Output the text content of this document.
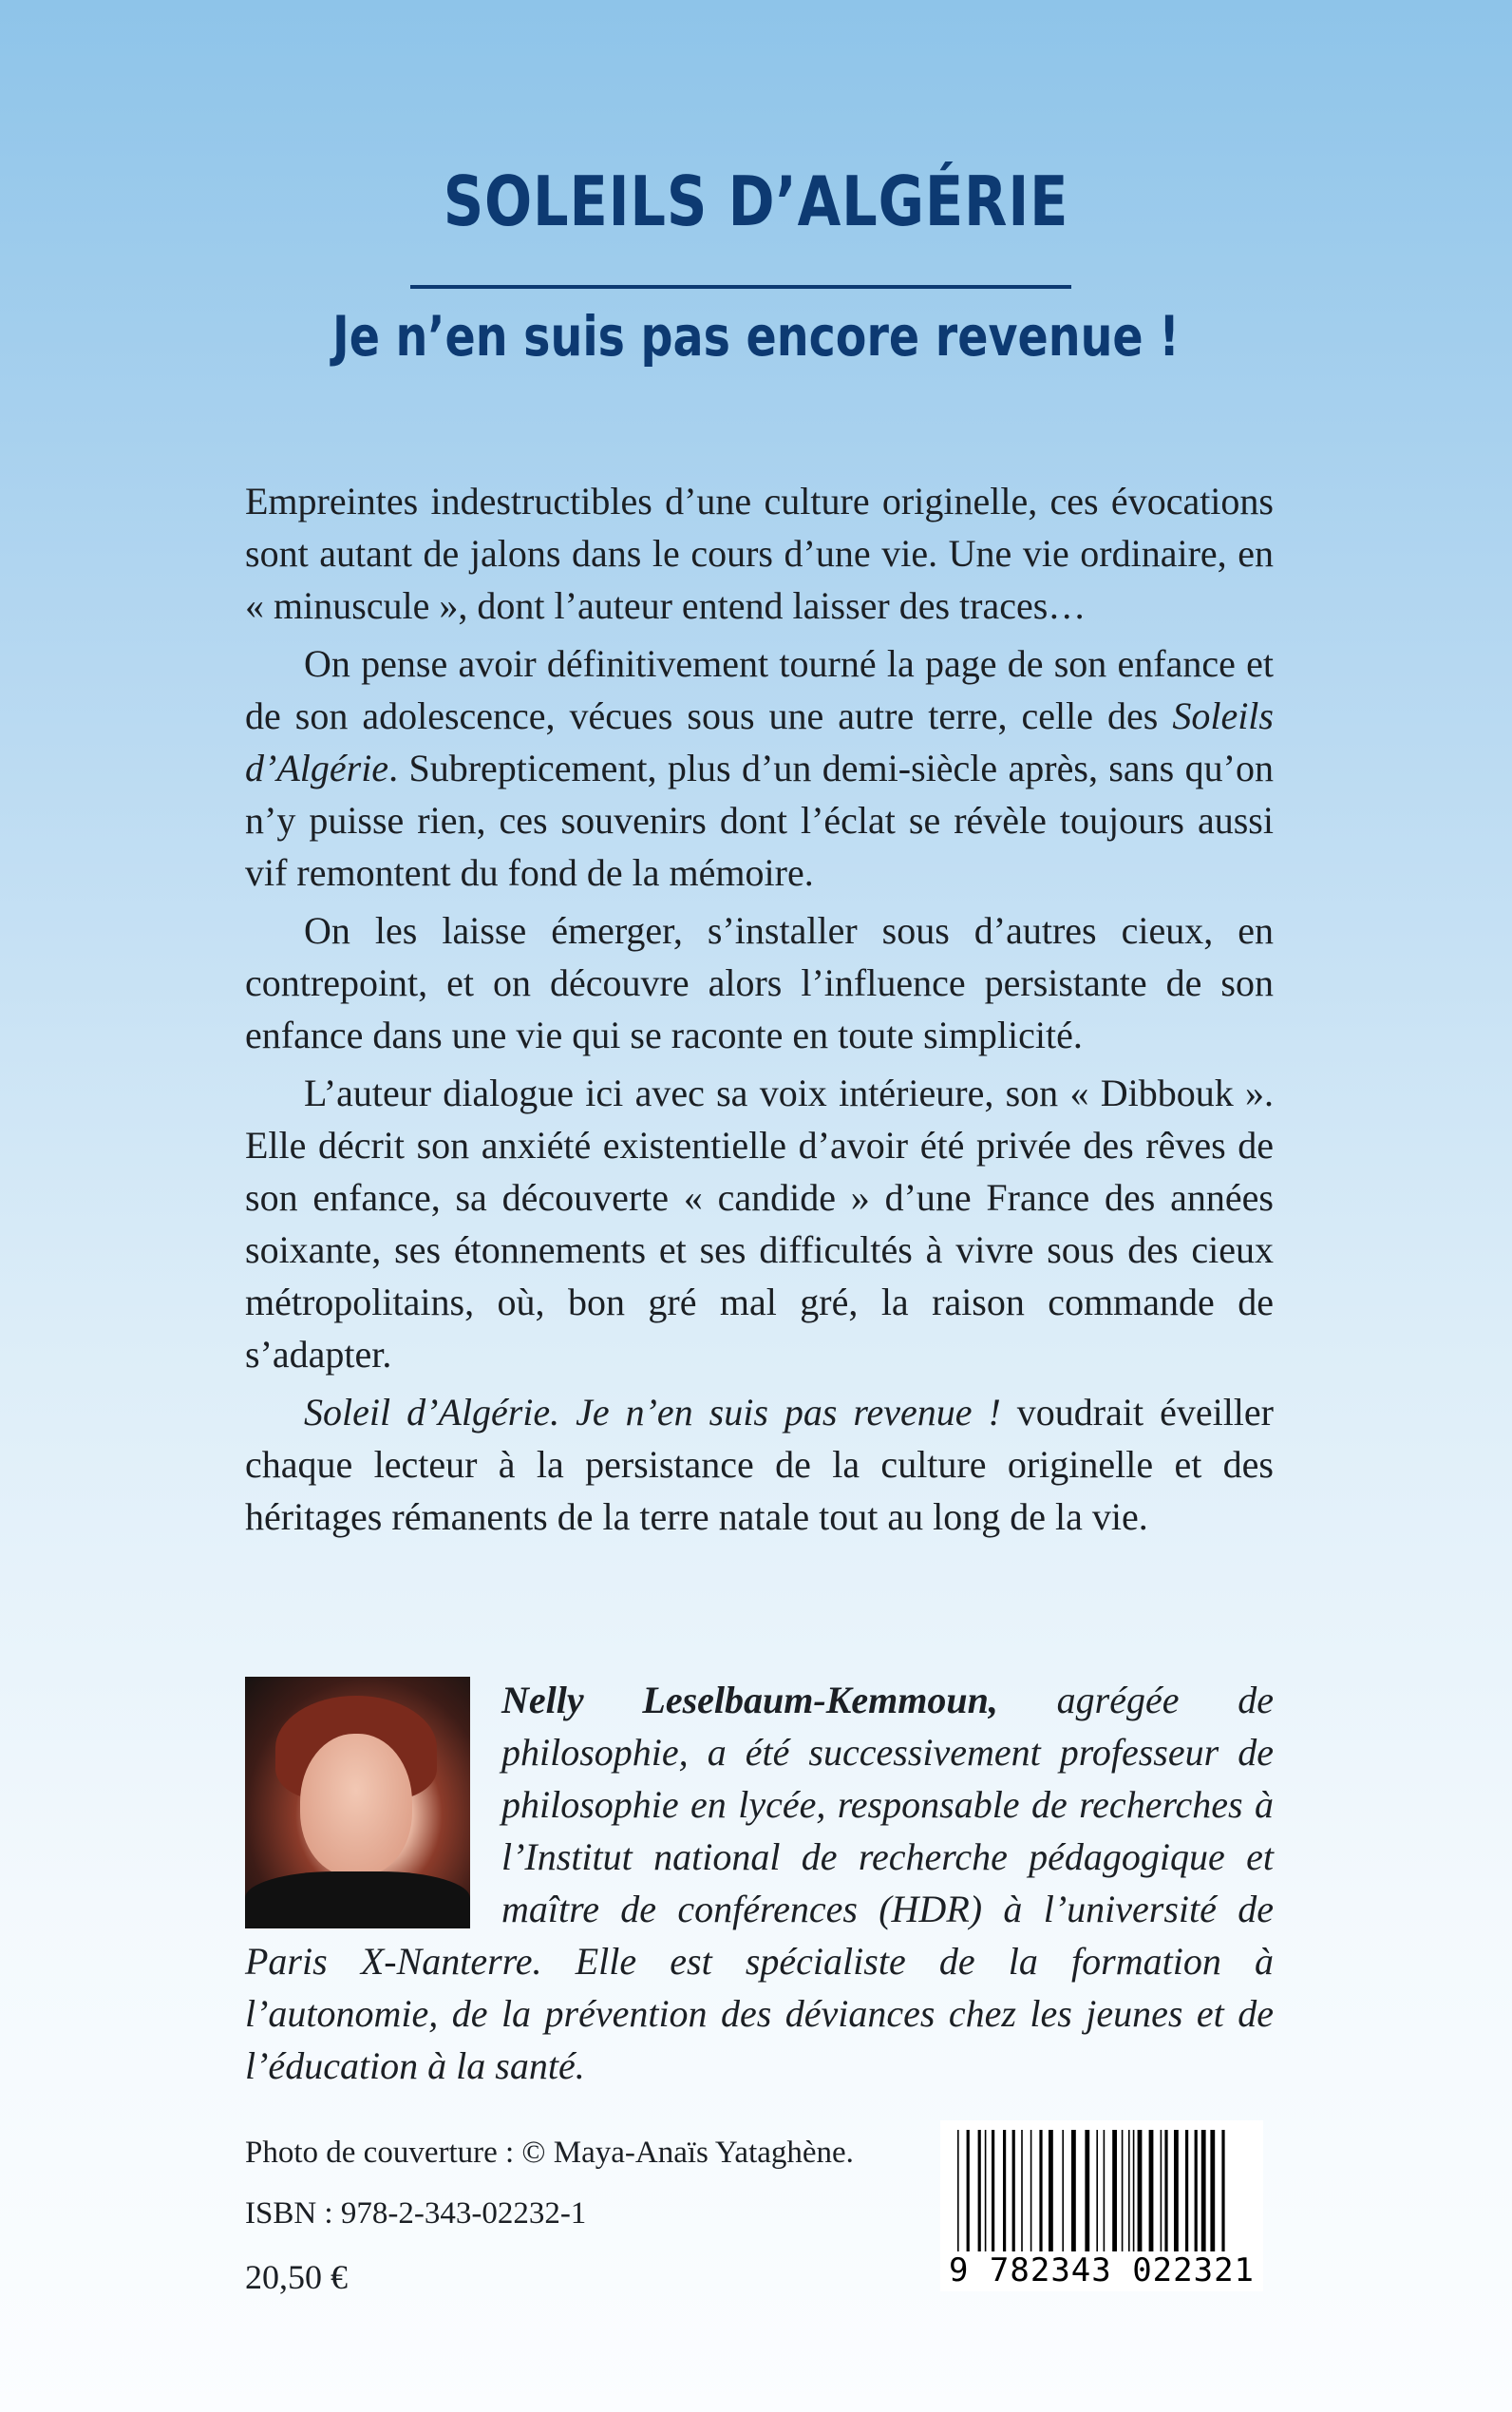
SOLEILS D’ALGÉRIE
Je n’en suis pas encore revenue !

Empreintes indestructibles d’une culture originelle, ces évocations sont autant de jalons dans le cours d’une vie. Une vie ordinaire, en « minuscule », dont l’auteur entend laisser des traces…

On pense avoir définitivement tourné la page de son enfance et de son adolescence, vécues sous une autre terre, celle des Soleils d’Algérie. Subrepticement, plus d’un demi-siècle après, sans qu’on n’y puisse rien, ces souvenirs dont l’éclat se révèle toujours aussi vif remontent du fond de la mémoire.

On les laisse émerger, s’installer sous d’autres cieux, en contrepoint, et on découvre alors l’influence persistante de son enfance dans une vie qui se raconte en toute simplicité.

L’auteur dialogue ici avec sa voix intérieure, son « Dibbouk ». Elle décrit son anxiété existentielle d’avoir été privée des rêves de son enfance, sa découverte « candide » d’une France des années soixante, ses étonnements et ses difficultés à vivre sous des cieux métropolitains, où, bon gré mal gré, la raison commande de s’adapter.

Soleil d’Algérie. Je n’en suis pas revenue ! voudrait éveiller chaque lecteur à la persistance de la culture originelle et des héritages rémanents de la terre natale tout au long de la vie.

Nelly Leselbaum-Kemmoun, agrégée de philosophie, a été successivement professeur de philosophie en lycée, responsable de recherches à l’Institut national de recherche pédagogique et maître de conférences (HDR) à l’université de Paris X-Nanterre. Elle est spécialiste de la formation à l’autonomie, de la prévention des déviances chez les jeunes et de l’éducation à la santé.
Photo de couverture : © Maya-Anaïs Yataghène.
ISBN : 978-2-343-02232-1
20,50 €	9 782343 022321
